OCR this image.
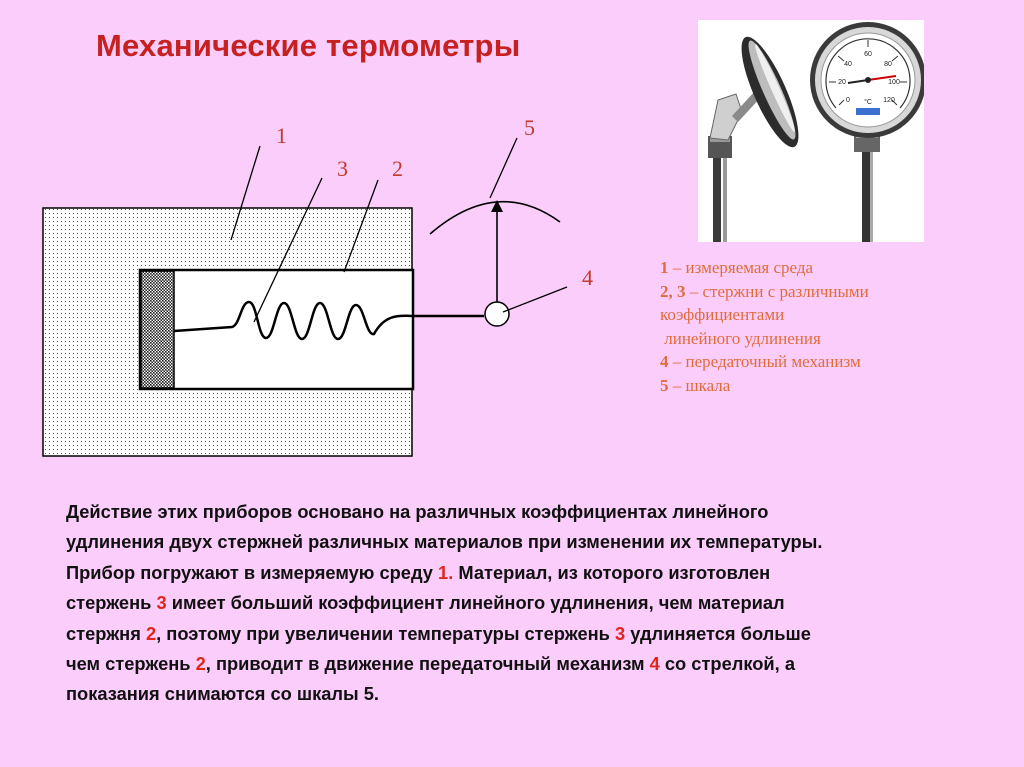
Механические термометры
1
3 2
5
4
0
20
40
60
80
100
120
°C
1 – измеряемая среда
2, 3 – стержни с различными
коэффициентами
линейного удлинения
4 – передаточный механизм
5 – шкала
Действие этих приборов основано на различных коэффициентах линейного
удлинения двух стержней различных материалов при изменении их температуры.
Прибор погружают в измеряемую среду 1. Материал, из которого изготовлен
стержень 3 имеет больший коэффициент линейного удлинения, чем материал
стержня 2, поэтому при увеличении температуры стержень 3 удлиняется больше
чем стержень 2, приводит в движение передаточный механизм 4 со стрелкой, а
показания снимаются со шкалы 5.
